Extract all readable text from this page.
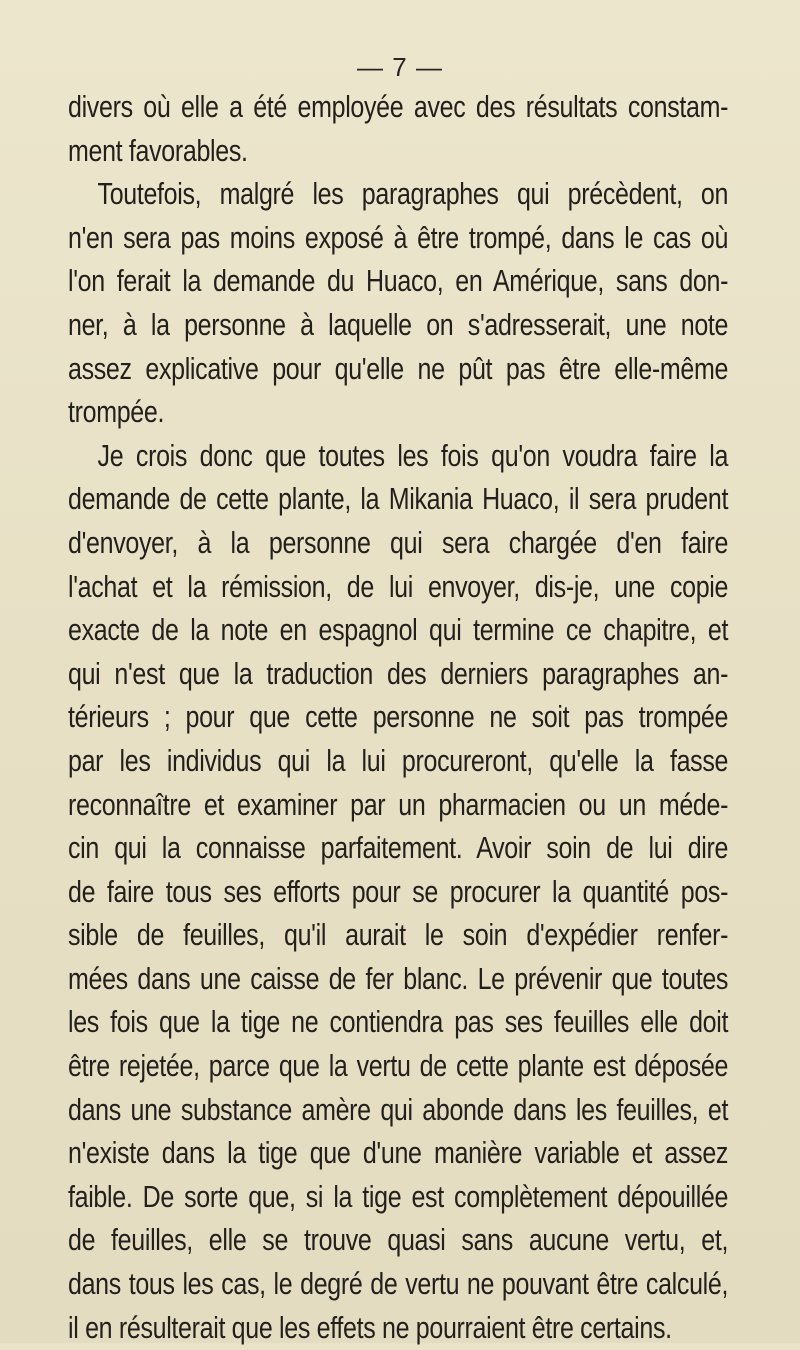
— 7 —
divers où elle a été employée avec des résultats constam-
ment favorables.
Toutefois, malgré les paragraphes qui précèdent, on
n'en sera pas moins exposé à être trompé, dans le cas où
l'on ferait la demande du Huaco, en Amérique, sans don-
ner, à la personne à laquelle on s'adresserait, une note
assez explicative pour qu'elle ne pût pas être elle-même
trompée.
Je crois donc que toutes les fois qu'on voudra faire la
demande de cette plante, la Mikania Huaco, il sera prudent
d'envoyer, à la personne qui sera chargée d'en faire
l'achat et la rémission, de lui envoyer, dis-je, une copie
exacte de la note en espagnol qui termine ce chapitre, et
qui n'est que la traduction des derniers paragraphes an-
térieurs ; pour que cette personne ne soit pas trompée
par les individus qui la lui procureront, qu'elle la fasse
reconnaître et examiner par un pharmacien ou un méde-
cin qui la connaisse parfaitement. Avoir soin de lui dire
de faire tous ses efforts pour se procurer la quantité pos-
sible de feuilles, qu'il aurait le soin d'expédier renfer-
mées dans une caisse de fer blanc. Le prévenir que toutes
les fois que la tige ne contiendra pas ses feuilles elle doit
être rejetée, parce que la vertu de cette plante est déposée
dans une substance amère qui abonde dans les feuilles, et
n'existe dans la tige que d'une manière variable et assez
faible. De sorte que, si la tige est complètement dépouillée
de feuilles, elle se trouve quasi sans aucune vertu, et,
dans tous les cas, le degré de vertu ne pouvant être calculé,
il en résulterait que les effets ne pourraient être certains.
